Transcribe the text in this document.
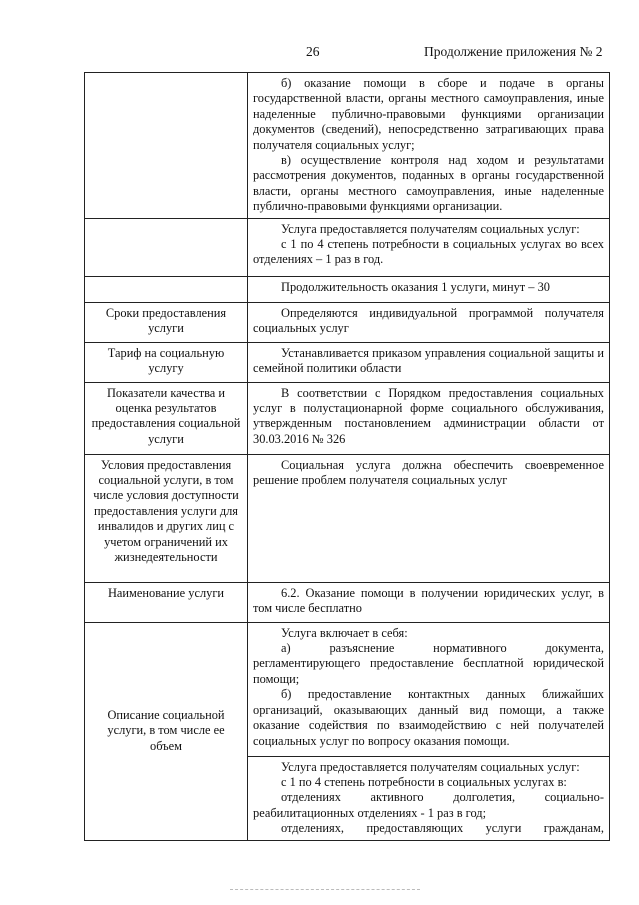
26	Продолжение приложения № 2

	б) оказание помощи в сборе и подаче в органы государственной власти, органы местного самоуправления, иные наделенные публично-правовыми функциями организации документов (сведений), непосредственно затрагивающих права получателя социальных услуг;

в) осуществление контроля над ходом и результатами рассмотрения документов, поданных в органы государственной власти, органы местного самоуправления, иные наделенные публично-правовыми функциями организации.

	Услуга предоставляется получателям социальных услуг:

с 1 по 4 степень потребности в социальных услугах во всех отделениях – 1 раз в год.

	Продолжительность оказания 1 услуги, минут – 30

Сроки предоставления услуги	Определяются индивидуальной программой получателя социальных услуг

Тариф на социальную услугу	Устанавливается приказом управления социальной защиты и семейной политики области

Показатели качества и оценка результатов предоставления социальной услуги	В соответствии с Порядком предоставления социальных услуг в полустационарной форме социального обслуживания, утвержденным постановлением администрации области от 30.03.2016 № 326

Условия предоставления социальной услуги, в том числе условия доступности предоставления услуги для инвалидов и других лиц с учетом ограничений их жизнедеятельности	Социальная услуга должна обеспечить своевременное решение проблем получателя социальных услуг

Наименование услуги	6.2. Оказание помощи в получении юридических услуг, в том числе бесплатно

Описание социальной услуги, в том числе ее объем	Услуга включает в себя:

а) разъяснение нормативного документа, регламентирующего предоставление бесплатной юридической помощи;

б) предоставление контактных данных ближайших организаций, оказывающих данный вид помощи, а также оказание содействия по взаимодействию с ней получателей социальных услуг по вопросу оказания помощи.

	Услуга предоставляется получателям социальных услуг:

с 1 по 4 степень потребности в социальных услугах в:

отделениях активного долголетия, социально-реабилитационных отделениях - 1 раз в год;

отделениях, предоставляющих услуги гражданам,
